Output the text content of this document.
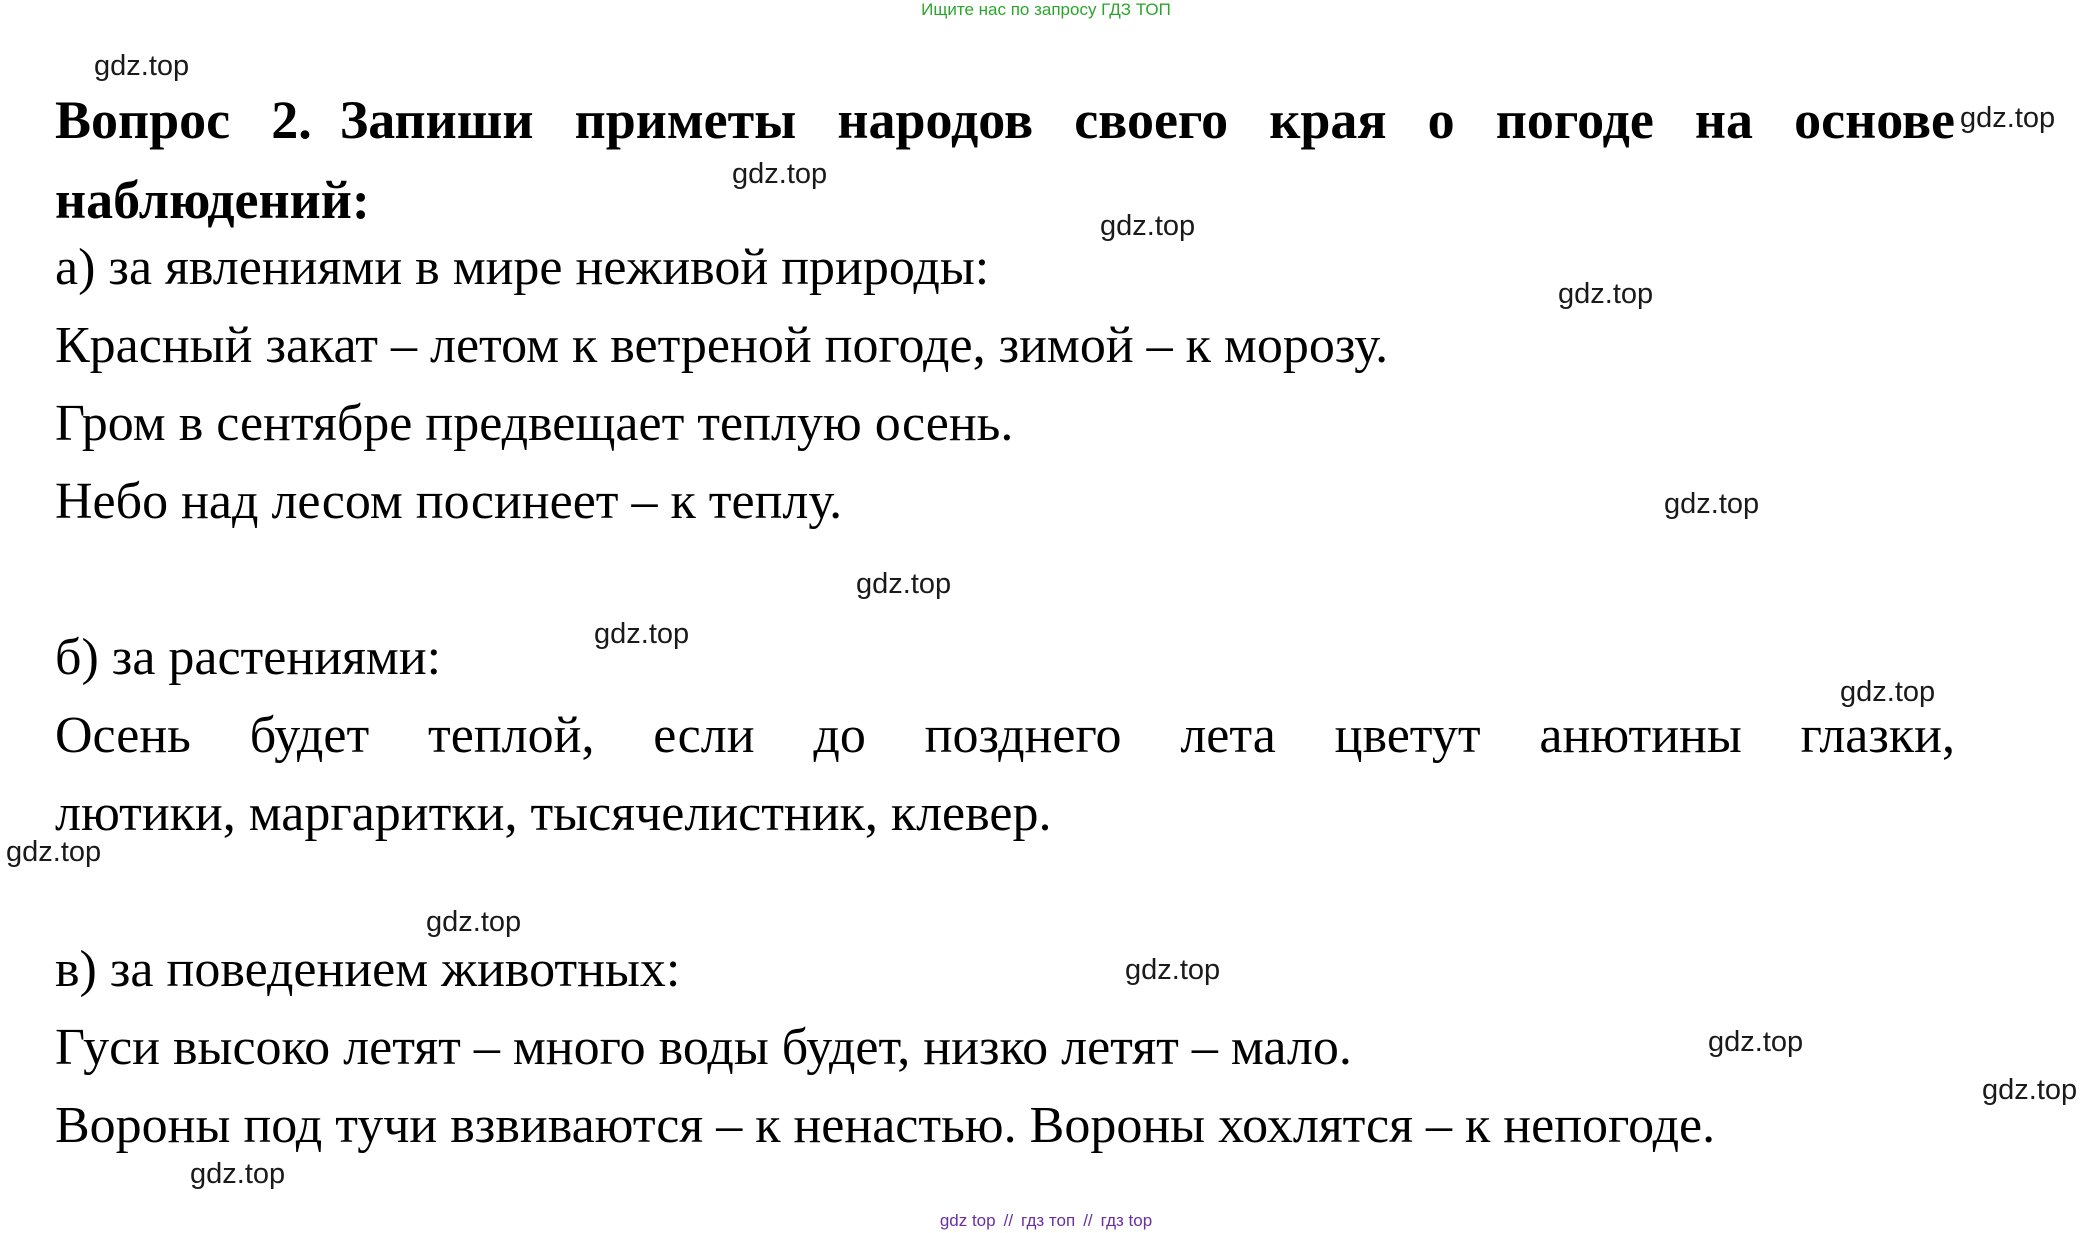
Ищите нас по запросу ГДЗ ТОП
Вопрос 2. Запиши приметы народов своего края о погоде на основе наблюдений:
а) за явлениями в мире неживой природы:
Красный закат – летом к ветреной погоде, зимой – к морозу.
Гром в сентябре предвещает теплую осень.
Небо над лесом посинеет – к теплу.
б) за растениями:
Осень будет теплой, если до позднего лета цветут анютины глазки,
лютики, маргаритки, тысячелистник, клевер.
в) за поведением животных:
Гуси высоко летят – много воды будет, низко летят – мало.
Вороны под тучи взвиваются – к ненастью. Вороны хохлятся – к непогоде.
gdz.top
gdz.top
gdz.top
gdz.top
gdz.top
gdz.top
gdz.top
gdz.top
gdz.top
gdz.top
gdz.top
gdz.top
gdz.top
gdz.top
gdz.top
gdz top // гдз топ // гдз top
